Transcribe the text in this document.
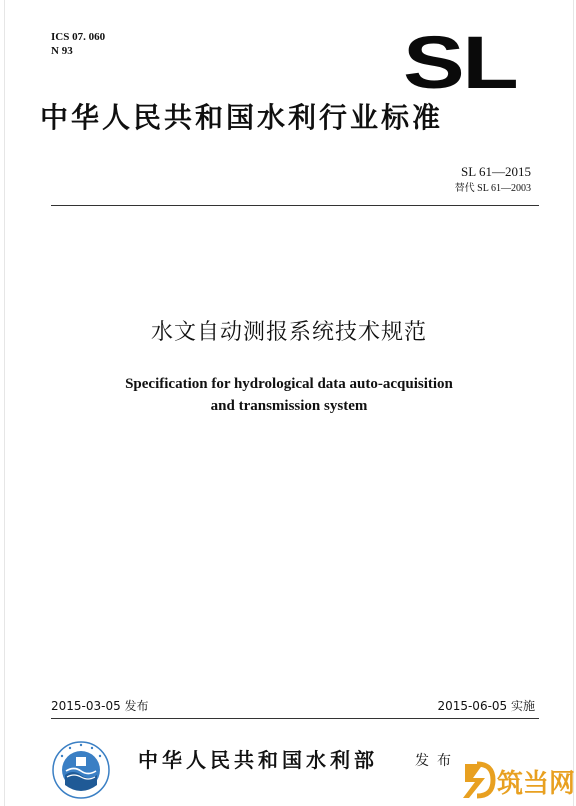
ICS 07. 060
N 93	SL
中华人民共和国水利行业标准
SL 61—2015
替代 SL 61—2003
水文自动测报系统技术规范
Specification for hydrological data auto-acquisition
and transmission system
2015-03-05 发布	2015-06-05 实施
中华人民共和国水利部	发布
筑当网
